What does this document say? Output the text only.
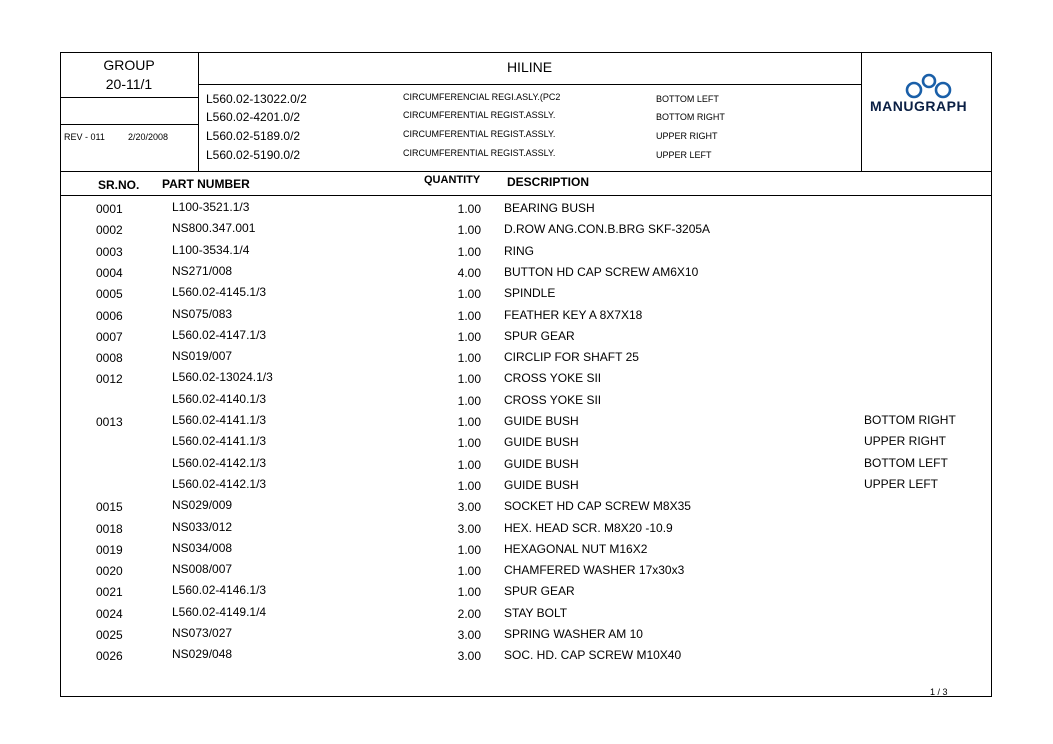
GROUP
20-11/1
REV - 011	2/20/2008
HILINE
L560.02-13022.0/2	CIRCUMFERENCIAL REGI.ASLY.(PC2	BOTTOM LEFT
L560.02-4201.0/2	CIRCUMFERENTIAL REGIST.ASSLY.	BOTTOM RIGHT
L560.02-5189.0/2	CIRCUMFERENTIAL REGIST.ASSLY.	UPPER RIGHT
L560.02-5190.0/2	CIRCUMFERENTIAL REGIST.ASSLY.	UPPER LEFT
MANUGRAPH
SR.NO. PART NUMBER	QUANTITY DESCRIPTION
0001	L100-3521.1/3	1.00 BEARING BUSH
0002	NS800.347.001	1.00 D.ROW ANG.CON.B.BRG SKF-3205A
0003	L100-3534.1/4	1.00 RING
0004	NS271/008	4.00 BUTTON HD CAP SCREW AM6X10
0005	L560.02-4145.1/3	1.00 SPINDLE
0006	NS075/083	1.00 FEATHER KEY A 8X7X18
0007	L560.02-4147.1/3	1.00 SPUR GEAR
0008	NS019/007	1.00 CIRCLIP FOR SHAFT 25
0012	L560.02-13024.1/3	1.00 CROSS YOKE SII
L560.02-4140.1/3	1.00 CROSS YOKE SII
0013	L560.02-4141.1/3	1.00 GUIDE BUSH	BOTTOM RIGHT
L560.02-4141.1/3	1.00 GUIDE BUSH	UPPER RIGHT
L560.02-4142.1/3	1.00 GUIDE BUSH	BOTTOM LEFT
L560.02-4142.1/3	1.00 GUIDE BUSH	UPPER LEFT
0015	NS029/009	3.00 SOCKET HD CAP SCREW M8X35
0018	NS033/012	3.00 HEX. HEAD SCR. M8X20 -10.9
0019	NS034/008	1.00 HEXAGONAL NUT M16X2
0020	NS008/007	1.00 CHAMFERED WASHER 17x30x3
0021	L560.02-4146.1/3	1.00 SPUR GEAR
0024	L560.02-4149.1/4	2.00 STAY BOLT
0025	NS073/027	3.00 SPRING WASHER AM 10
0026	NS029/048	3.00 SOC. HD. CAP SCREW M10X40
1 / 3
